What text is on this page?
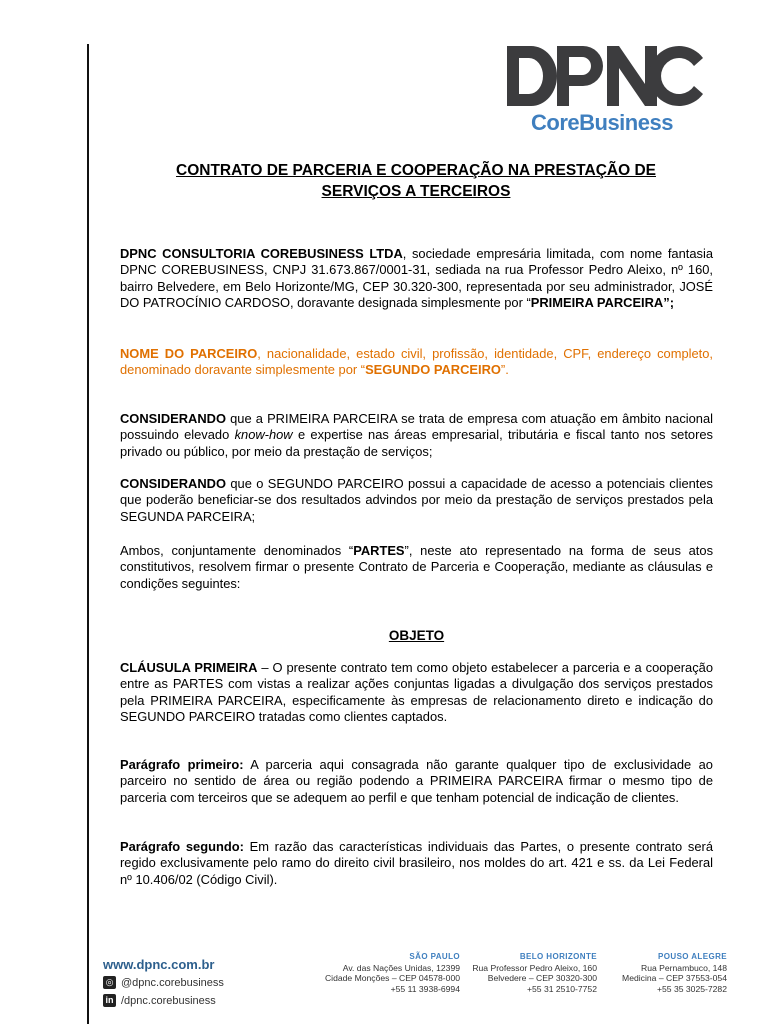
CoreBusiness
CONTRATO DE PARCERIA E COOPERAÇÃO NA PRESTAÇÃO DE
SERVIÇOS A TERCEIROS
DPNC CONSULTORIA COREBUSINESS LTDA, sociedade empresária limitada, com nome fantasia DPNC COREBUSINESS, CNPJ 31.673.867/0001-31, sediada na rua Professor Pedro Aleixo, nº 160, bairro Belvedere, em Belo Horizonte/MG, CEP 30.320-300, representada por seu administrador, JOSÉ DO PATROCÍNIO CARDOSO, doravante designada simplesmente por “PRIMEIRA PARCEIRA”;
NOME DO PARCEIRO, nacionalidade, estado civil, profissão, identidade, CPF, endereço completo, denominado doravante simplesmente por “SEGUNDO PARCEIRO”.
CONSIDERANDO que a PRIMEIRA PARCEIRA se trata de empresa com atuação em âmbito nacional possuindo elevado know-how e expertise nas áreas empresarial, tributária e fiscal tanto nos setores privado ou público, por meio da prestação de serviços;
CONSIDERANDO que o SEGUNDO PARCEIRO possui a capacidade de acesso a potenciais clientes que poderão beneficiar-se dos resultados advindos por meio da prestação de serviços prestados pela SEGUNDA PARCEIRA;
Ambos, conjuntamente denominados “PARTES”, neste ato representado na forma de seus atos constitutivos, resolvem firmar o presente Contrato de Parceria e Cooperação, mediante as cláusulas e condições seguintes:
OBJETO
CLÁUSULA PRIMEIRA – O presente contrato tem como objeto estabelecer a parceria e a cooperação entre as PARTES com vistas a realizar ações conjuntas ligadas a divulgação dos serviços prestados pela PRIMEIRA PARCEIRA, especificamente às empresas de relacionamento direto e indicação do SEGUNDO PARCEIRO tratadas como clientes captados.
Parágrafo primeiro: A parceria aqui consagrada não garante qualquer tipo de exclusividade ao parceiro no sentido de área ou região podendo a PRIMEIRA PARCEIRA firmar o mesmo tipo de parceria com terceiros que se adequem ao perfil e que tenham potencial de indicação de clientes.
Parágrafo segundo: Em razão das características individuais das Partes, o presente contrato será regido exclusivamente pelo ramo do direito civil brasileiro, nos moldes do art. 421 e ss. da Lei Federal nº 10.406/02 (Código Civil).
www.dpnc.com.br
◎ @dpnc.corebusiness
in /dpnc.corebusiness
SÃO PAULO
Av. das Nações Unidas, 12399
Cidade Monções – CEP 04578-000
+55 11 3938-6994
BELO HORIZONTE
Rua Professor Pedro Aleixo, 160
Belvedere – CEP 30320-300
+55 31 2510-7752
POUSO ALEGRE
Rua Pernambuco, 148
Medicina – CEP 37553-054
+55 35 3025-7282
